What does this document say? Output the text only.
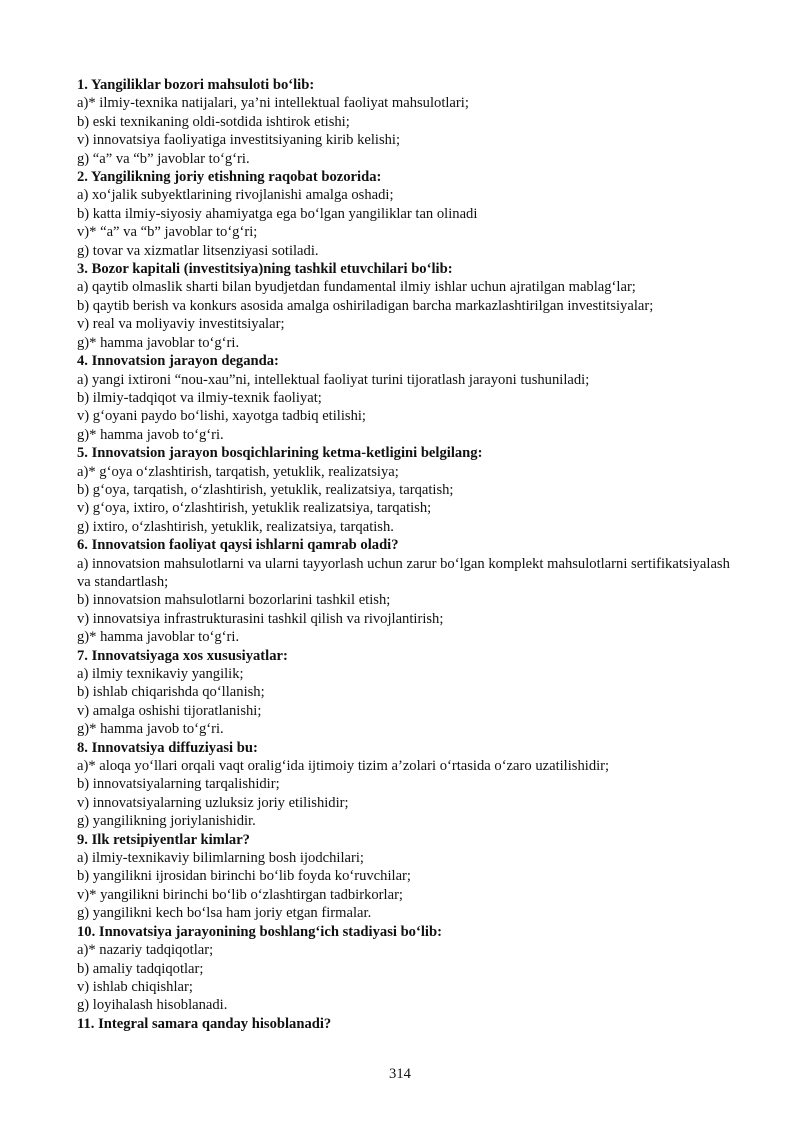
1. Yangiliklar bozori mahsuloti bo‘lib:

a)* ilmiy-texnika natijalari, ya’ni intellektual faoliyat mahsulotlari;

b) eski texnikaning oldi-sotdida ishtirok etishi;

v) innovatsiya faoliyatiga investitsiyaning kirib kelishi;

g) “a” va “b” javoblar to‘g‘ri.

2. Yangilikning joriy etishning raqobat bozorida:

a) xo‘jalik subyektlarining rivojlanishi amalga oshadi;

b) katta ilmiy-siyosiy ahamiyatga ega bo‘lgan yangiliklar tan olinadi

v)* “a” va “b” javoblar to‘g‘ri;

g) tovar va xizmatlar litsenziyasi sotiladi.

3. Bozor kapitali (investitsiya)ning tashkil etuvchilari bo‘lib:

a) qaytib olmaslik sharti bilan byudjetdan fundamental ilmiy ishlar uchun ajratilgan mablag‘lar;

b) qaytib berish va konkurs asosida amalga oshiriladigan barcha markazlashtirilgan investitsiyalar;

v) real va moliyaviy investitsiyalar;

g)* hamma javoblar to‘g‘ri.

4. Innovatsion jarayon deganda:

a) yangi ixtironi “nou-xau”ni, intellektual faoliyat turini tijoratlash jarayoni tushuniladi;

b) ilmiy-tadqiqot va ilmiy-texnik faoliyat;

v) g‘oyani paydo bo‘lishi, xayotga tadbiq etilishi;

g)* hamma javob to‘g‘ri.

5. Innovatsion jarayon bosqichlarining ketma-ketligini belgilang:

a)* g‘oya o‘zlashtirish, tarqatish, yetuklik, realizatsiya;

b) g‘oya, tarqatish, o‘zlashtirish, yetuklik, realizatsiya, tarqatish;

v) g‘oya, ixtiro, o‘zlashtirish, yetuklik realizatsiya, tarqatish;

g) ixtiro, o‘zlashtirish, yetuklik, realizatsiya, tarqatish.

6. Innovatsion faoliyat qaysi ishlarni qamrab oladi?

a) innovatsion mahsulotlarni va ularni tayyorlash uchun zarur bo‘lgan komplekt mahsulotlarni sertifikatsiyalash va standartlash;

b) innovatsion mahsulotlarni bozorlarini tashkil etish;

v) innovatsiya infrastrukturasini tashkil qilish va rivojlantirish;

g)* hamma javoblar to‘g‘ri.

7. Innovatsiyaga xos xususiyatlar:

a) ilmiy texnikaviy yangilik;

b) ishlab chiqarishda qo‘llanish;

v) amalga oshishi tijoratlanishi;

g)* hamma javob to‘g‘ri.

8. Innovatsiya diffuziyasi bu:

a)* aloqa yo‘llari orqali vaqt oralig‘ida ijtimoiy tizim a’zolari o‘rtasida o‘zaro uzatilishidir;

b) innovatsiyalarning tarqalishidir;

v) innovatsiyalarning uzluksiz joriy etilishidir;

g) yangilikning joriylanishidir.

9. Ilk retsipiyentlar kimlar?

a) ilmiy-texnikaviy bilimlarning bosh ijodchilari;

b) yangilikni ijrosidan birinchi bo‘lib foyda ko‘ruvchilar;

v)* yangilikni birinchi bo‘lib o‘zlashtirgan tadbirkorlar;

g) yangilikni kech bo‘lsa ham joriy etgan firmalar.

10. Innovatsiya jarayonining boshlang‘ich stadiyasi bo‘lib:

a)* nazariy tadqiqotlar;

b) amaliy tadqiqotlar;

v) ishlab chiqishlar;

g) loyihalash hisoblanadi.

11. Integral samara qanday hisoblanadi?

314
